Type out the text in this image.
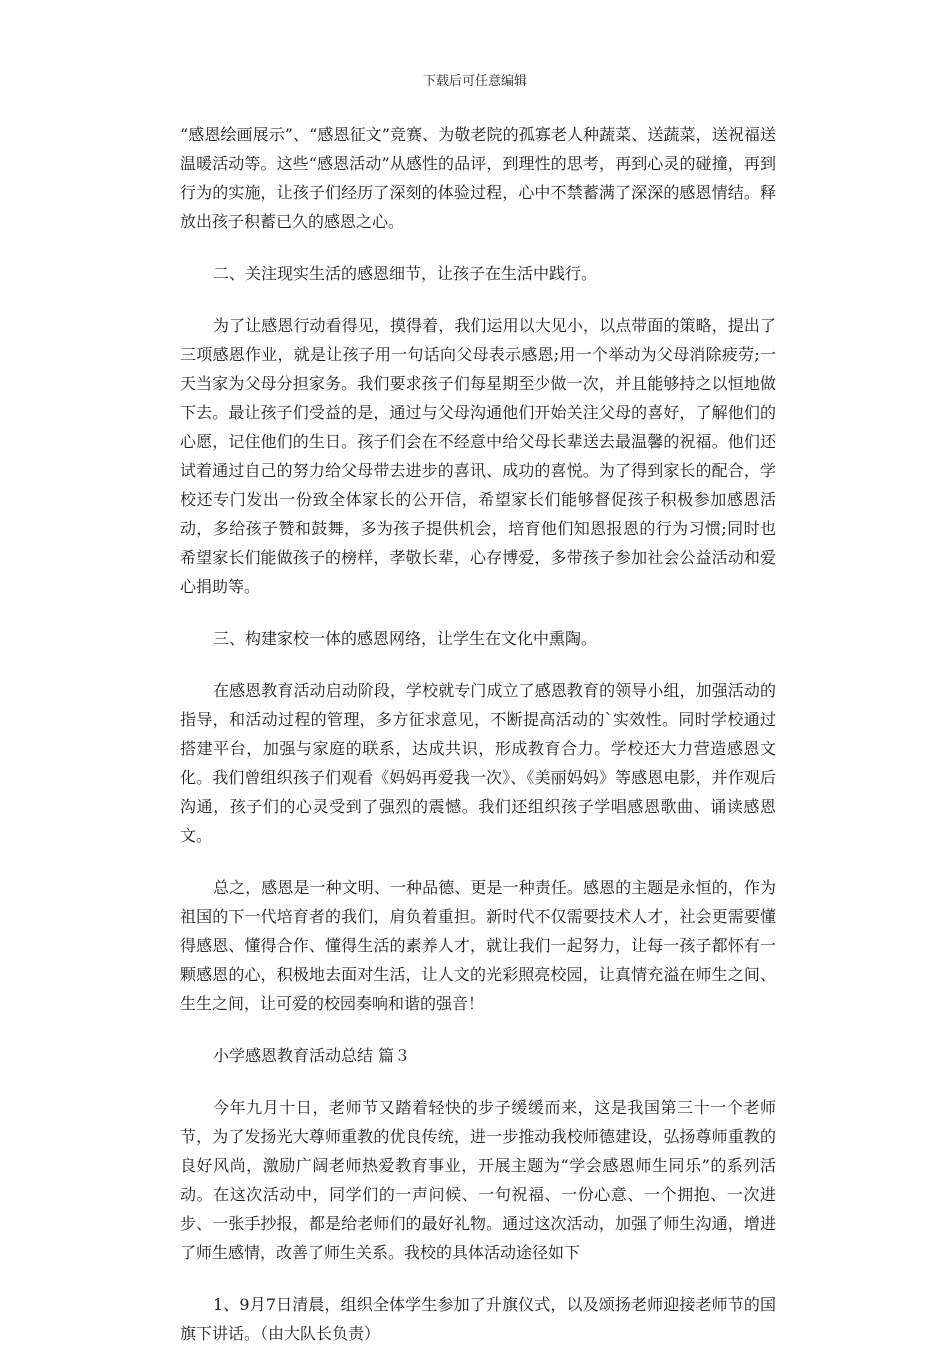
下载后可任意编辑

“感恩绘画展示”、“感恩征文”竞赛、为敬老院的孤寡老人种蔬菜、送蔬菜，送祝福送温暖活动等。这些“感恩活动”从感性的品评，到理性的思考，再到心灵的碰撞，再到行为的实施，让孩子们经历了深刻的体验过程，心中不禁蓄满了深深的感恩情结。释放出孩子积蓄已久的感恩之心。

二、关注现实生活的感恩细节，让孩子在生活中践行。

为了让感恩行动看得见，摸得着，我们运用以大见小，以点带面的策略，提出了三项感恩作业，就是让孩子用一句话向父母表示感恩;用一个举动为父母消除疲劳;一天当家为父母分担家务。我们要求孩子们每星期至少做一次，并且能够持之以恒地做下去。最让孩子们受益的是，通过与父母沟通他们开始关注父母的喜好，了解他们的心愿，记住他们的生日。孩子们会在不经意中给父母长辈送去最温馨的祝福。他们还试着通过自己的努力给父母带去进步的喜讯、成功的喜悦。为了得到家长的配合，学校还专门发出一份致全体家长的公开信，希望家长们能够督促孩子积极参加感恩活动，多给孩子赞和鼓舞，多为孩子提供机会，培育他们知恩报恩的行为习惯;同时也希望家长们能做孩子的榜样，孝敬长辈，心存博爱，多带孩子参加社会公益活动和爱心捐助等。

三、构建家校一体的感恩网络，让学生在文化中熏陶。

在感恩教育活动启动阶段，学校就专门成立了感恩教育的领导小组，加强活动的指导，和活动过程的管理，多方征求意见，不断提高活动的`实效性。同时学校通过搭建平台，加强与家庭的联系，达成共识，形成教育合力。学校还大力营造感恩文化。我们曾组织孩子们观看《妈妈再爱我一次》、《美丽妈妈》等感恩电影，并作观后沟通，孩子们的心灵受到了强烈的震憾。我们还组织孩子学唱感恩歌曲、诵读感恩文。

总之，感恩是一种文明、一种品德、更是一种责任。感恩的主题是永恒的，作为祖国的下一代培育者的我们，肩负着重担。新时代不仅需要技术人才，社会更需要懂得感恩、懂得合作、懂得生活的素养人才，就让我们一起努力，让每一孩子都怀有一颗感恩的心，积极地去面对生活，让人文的光彩照亮校园，让真情充溢在师生之间、生生之间，让可爱的校园奏响和谐的强音！

小学感恩教育活动总结 篇３

今年九月十日，老师节又踏着轻快的步子缓缓而来，这是我国第三十一个老师节，为了发扬光大尊师重教的优良传统，进一步推动我校师德建设，弘扬尊师重教的良好风尚，激励广阔老师热爱教育事业，开展主题为“学会感恩师生同乐”的系列活动。在这次活动中，同学们的一声问候、一句祝福、一份心意、一个拥抱、一次进步、一张手抄报，都是给老师们的最好礼物。通过这次活动，加强了师生沟通，增进了师生感情，改善了师生关系。我校的具体活动途径如下

1、9月7日清晨，组织全体学生参加了升旗仪式，以及颂扬老师迎接老师节的国旗下讲话。（由大队长负责）
